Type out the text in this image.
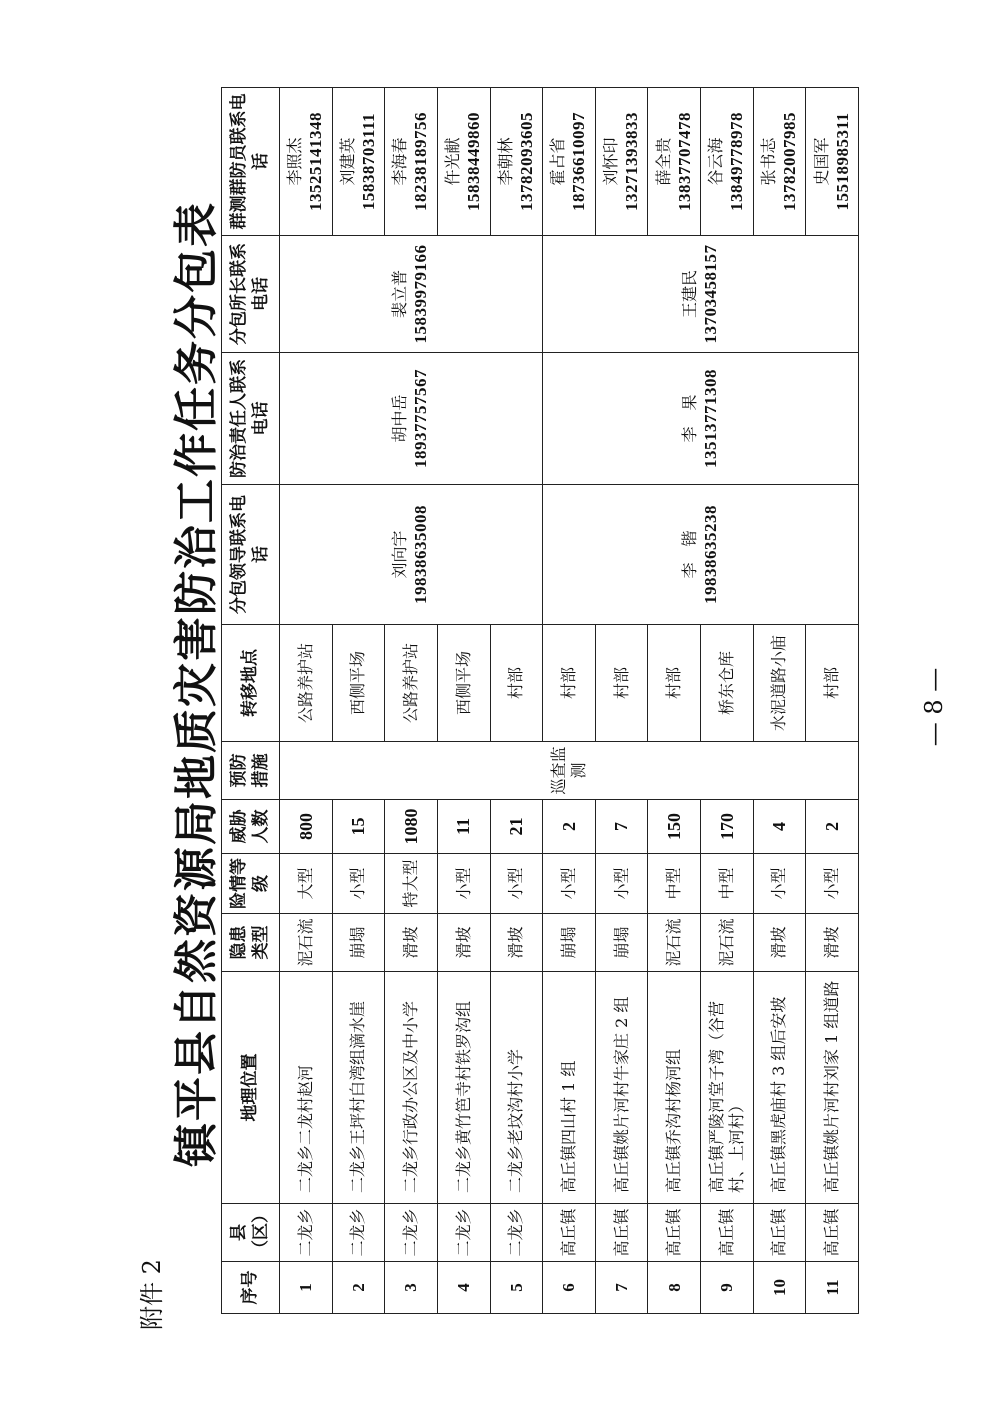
附件 2
镇平县自然资源局地质灾害防治工作任务分包表
序号	县（区）	地理位置	隐患类型	险情等级	威胁人数	预防措施	转移地点	分包领导联系电话	防治责任人联系电话	分包所长联系电话	群测群防员联系电话
1	二龙乡	二龙乡二龙村赵河	泥石流	大型	800	巡查监测	公路养护站	刘向宇 19838635008	胡中岳 18937757567	裴立普 15839979166	李照杰 13525141348

2	二龙乡	二龙乡王坪村白湾组滴水崖	崩塌	小型	15		西侧平场				刘建英 15838703111

3	二龙乡	二龙乡行政办公区及中小学	滑坡	特大型	1080		公路养护站				李海春 18238189756

4	二龙乡	二龙乡黄竹笆寺村铁罗沟组	滑坡	小型	11		西侧平场				仵光献 15838449860

5	二龙乡	二龙乡老坟沟村小学	滑坡	小型	21		村部				李朝林 13782093605

6	高丘镇	高丘镇四山村 1 组	崩塌	小型	2		村部	李　锴 19838635238	李　果 13513771308	王建民 13703458157	霍占省 18736610097

7	高丘镇	高丘镇姚片河村牛家庄 2 组	崩塌	小型	7		村部				刘怀印 13271393833

8	高丘镇	高丘镇乔沟村杨河组	泥石流	中型	150		村部				薛全贵 13837707478

9	高丘镇	高丘镇严陵河堂子湾（谷营村、上河村）	泥石流	中型	170		桥东仓库				谷云海 13849778978

10	高丘镇	高丘镇黑虎庙村 3 组后安坡	滑坡	小型	4		水泥道路小庙				张书志 13782007985

11	高丘镇	高丘镇姚片河村刘家 1 组道路	滑坡	小型	2		村部				史国军 15518985311
— 8 —
